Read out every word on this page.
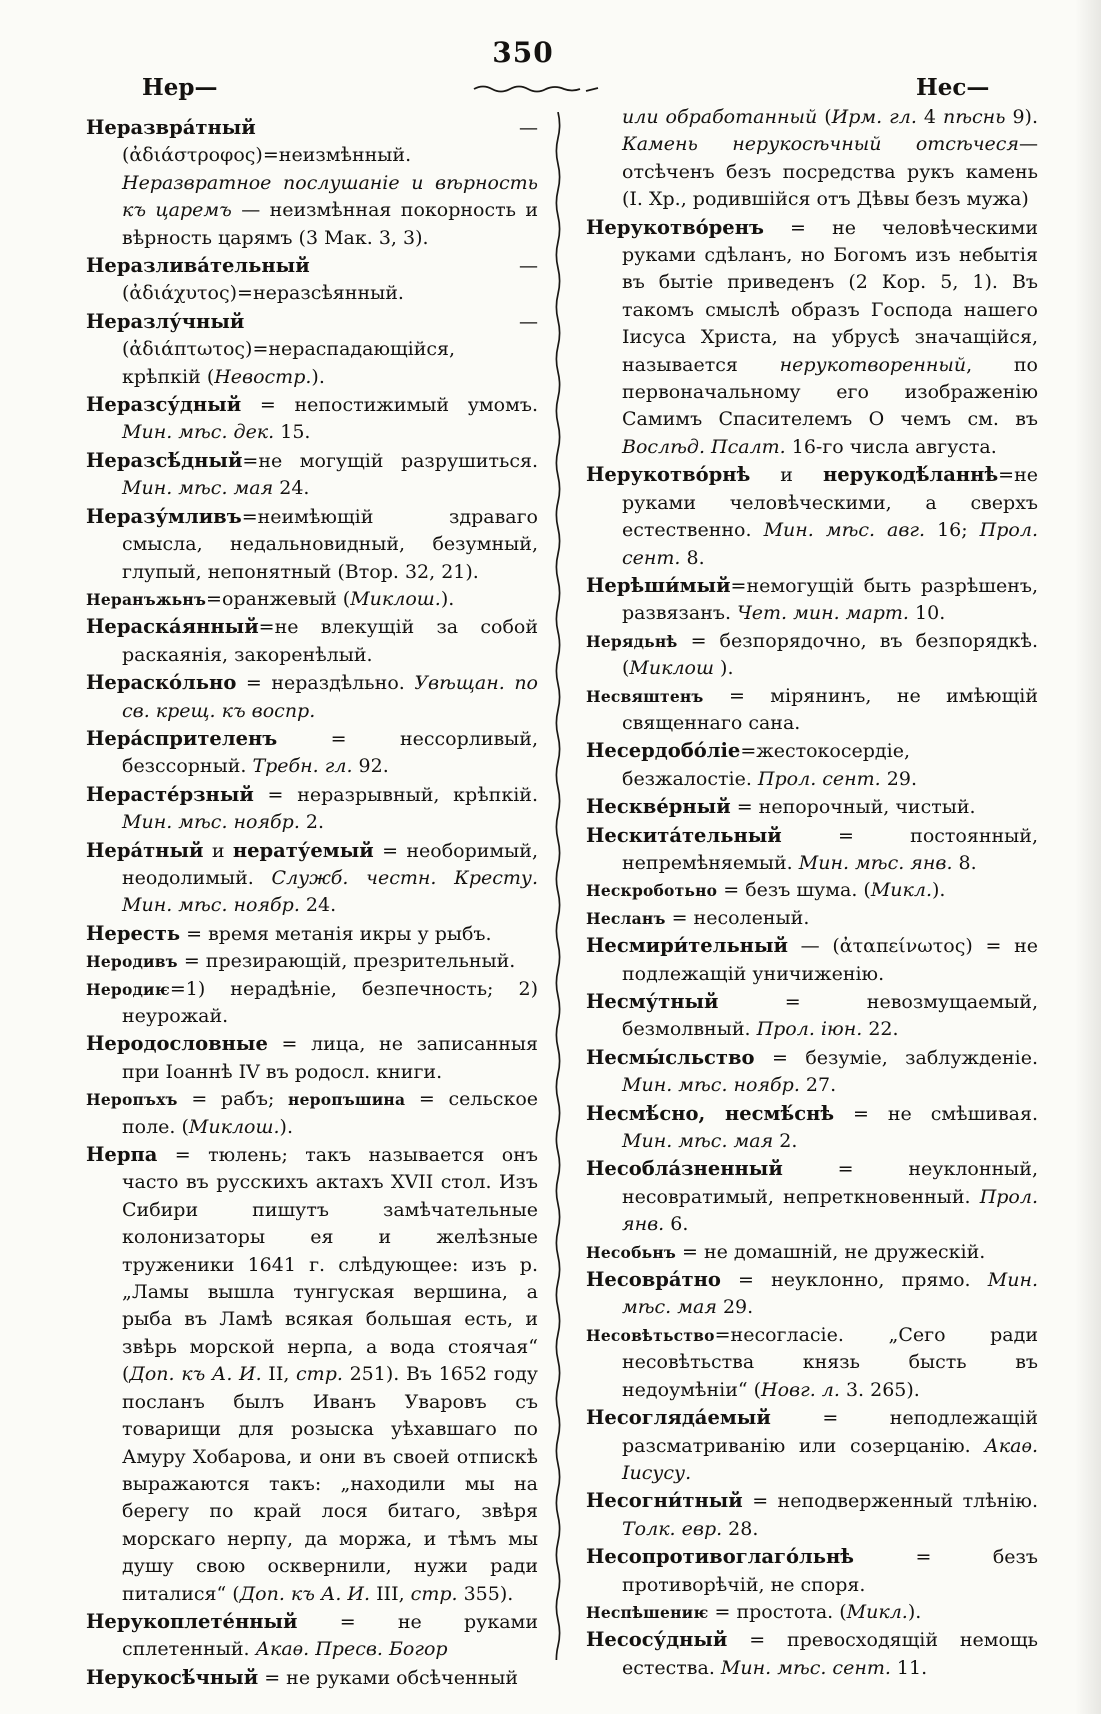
350
Нер—	Нес—

Неразвра́тный — (ἀδιάστροφος)=неизмѣнный. Неразвратное послушаніе и вѣрность къ царемъ — неизмѣнная покорность и вѣрность царямъ (3 Мак. 3, 3).

Неразлива́тельный — (ἀδιάχυτος)=неразсѣянный.

Неразлу́чный — (ἀδιάπτωτος)=нераспадающійся, крѣпкій (Невостр.).

Неразсу́дный = непостижимый умомъ. Мин. мѣс. дек. 15.

Неразсѣ́дный=не могущій разрушиться. Мин. мѣс. мая 24.

Неразу́мливъ=неимѣющій здраваго смысла, недальновидный, безумный, глупый, непонятный (Втор. 32, 21).

Неранъжьнъ=оранжевый (Миклош.).

Нераска́янный=не влекущій за собой раскаянія, закоренѣлый.

Нераско́льно = нераздѣльно. Увѣщан. по св. крещ. къ воспр.

Нера́спрителенъ = нессорливый, безссорный. Требн. гл. 92.

Нерасте́рзный = неразрывный, крѣпкій. Мин. мѣс. ноябр. 2.

Нера́тный и нерату́емый = необоримый, неодолимый. Служб. честн. Кресту. Мин. мѣс. ноябр. 24.

Нересть = время метанія икры у рыбъ.

Неродивъ = презирающій, презрительный.

Неродиѥ=1) нерадѣніе, безпечность; 2) неурожай.

Неродословные = лица, не записанныя при Іоаннѣ IV въ родосл. книги.

Неропъхъ = рабъ; неропъшина = сельское поле. (Миклош.).

Нерпа = тюлень; такъ называется онъ часто въ русскихъ актахъ XVII стол. Изъ Сибири пишутъ замѣчательные колонизаторы ея и желѣзные труженики 1641 г. слѣдующее: изъ р. „Ламы вышла тунгуская вершина, а рыба въ Ламѣ всякая большая есть, и звѣрь морской нерпа, а вода стоячая“ (Доп. къ А. И. II, стр. 251). Въ 1652 году посланъ былъ Иванъ Уваровъ съ товарищи для розыска уѣхавшаго по Амуру Хобарова, и они въ своей отпискѣ выражаются такъ: „находили мы на берегу по край лося битаго, звѣря морскаго нерпу, да моржа, и тѣмъ мы душу свою осквернили, нужи ради питалися“ (Доп. къ А. И. III, стр. 355).

Нерукоплете́нный = не руками сплетенный. Акаѳ. Пресв. Богор

Нерукосѣ́чный = не руками обсѣченный

или обработанный (Ирм. гл. 4 пѣснь 9). Камень нерукосѣчный отсѣчеся—отсѣченъ безъ посредства рукъ камень (І. Хр., родившійся отъ Дѣвы безъ мужа)

Нерукотво́ренъ = не человѣческими руками сдѣланъ, но Богомъ изъ небытія въ бытіе приведенъ (2 Кор. 5, 1). Въ такомъ смыслѣ образъ Господа нашего Іисуса Христа, на убрусѣ значащійся, называется нерукотворенный, по первоначальному его изображенію Самимъ Спасителемъ О чемъ см. въ Вослѣд. Псалт. 16-го числа августа.

Нерукотво́рнѣ и нерукодѣ́ланнѣ=не руками человѣческими, а сверхъ естественно. Мин. мѣс. авг. 16; Прол. сент. 8.

Нерѣши́мый=немогущій быть разрѣшенъ, развязанъ. Чет. мин. март. 10.

Нерядьнѣ = безпорядочно, въ безпорядкѣ. (Миклош ).

Несвяштенъ = мірянинъ, не имѣющій священнаго сана.

Несердобо́ліе=жестокосердіе, безжалостіе. Прол. сент. 29.

Нескве́рный = непорочный, чистый.

Нескита́тельный = постоянный, непремѣняемый. Мин. мѣс. янв. 8.

Нескроботьно = безъ шума. (Микл.).

Несланъ = несоленый.

Несмири́тельный — (ἀταπείνωτος) = не подлежащій уничиженію.

Несму́тный = невозмущаемый, безмолвный. Прол. іюн. 22.

Несмы́сльство = безуміе, заблужденіе. Мин. мѣс. ноябр. 27.

Несмѣ́сно, несмѣ́снѣ = не смѣшивая. Мин. мѣс. мая 2.

Несобла́зненный = неуклонный, несовратимый, непреткновенный. Прол. янв. 6.

Несобьнъ = не домашній, не дружескій.

Несовра́тно = неуклонно, прямо. Мин. мѣс. мая 29.

Несовѣтьство=несогласіе. „Сего ради несовѣтьства князь бысть въ недоумѣніи“ (Новг. л. 3. 265).

Несогляда́емый = неподлежащій разсматриванію или созерцанію. Акаѳ. Іисусу.

Несогни́тный = неподверженный тлѣнію. Толк. евр. 28.

Несопротивоглаго́льнѣ = безъ противорѣчій, не споря.

Неспѣшениѥ = простота. (Микл.).

Несосу́дный = превосходящій немощь естества. Мин. мѣс. сент. 11.
